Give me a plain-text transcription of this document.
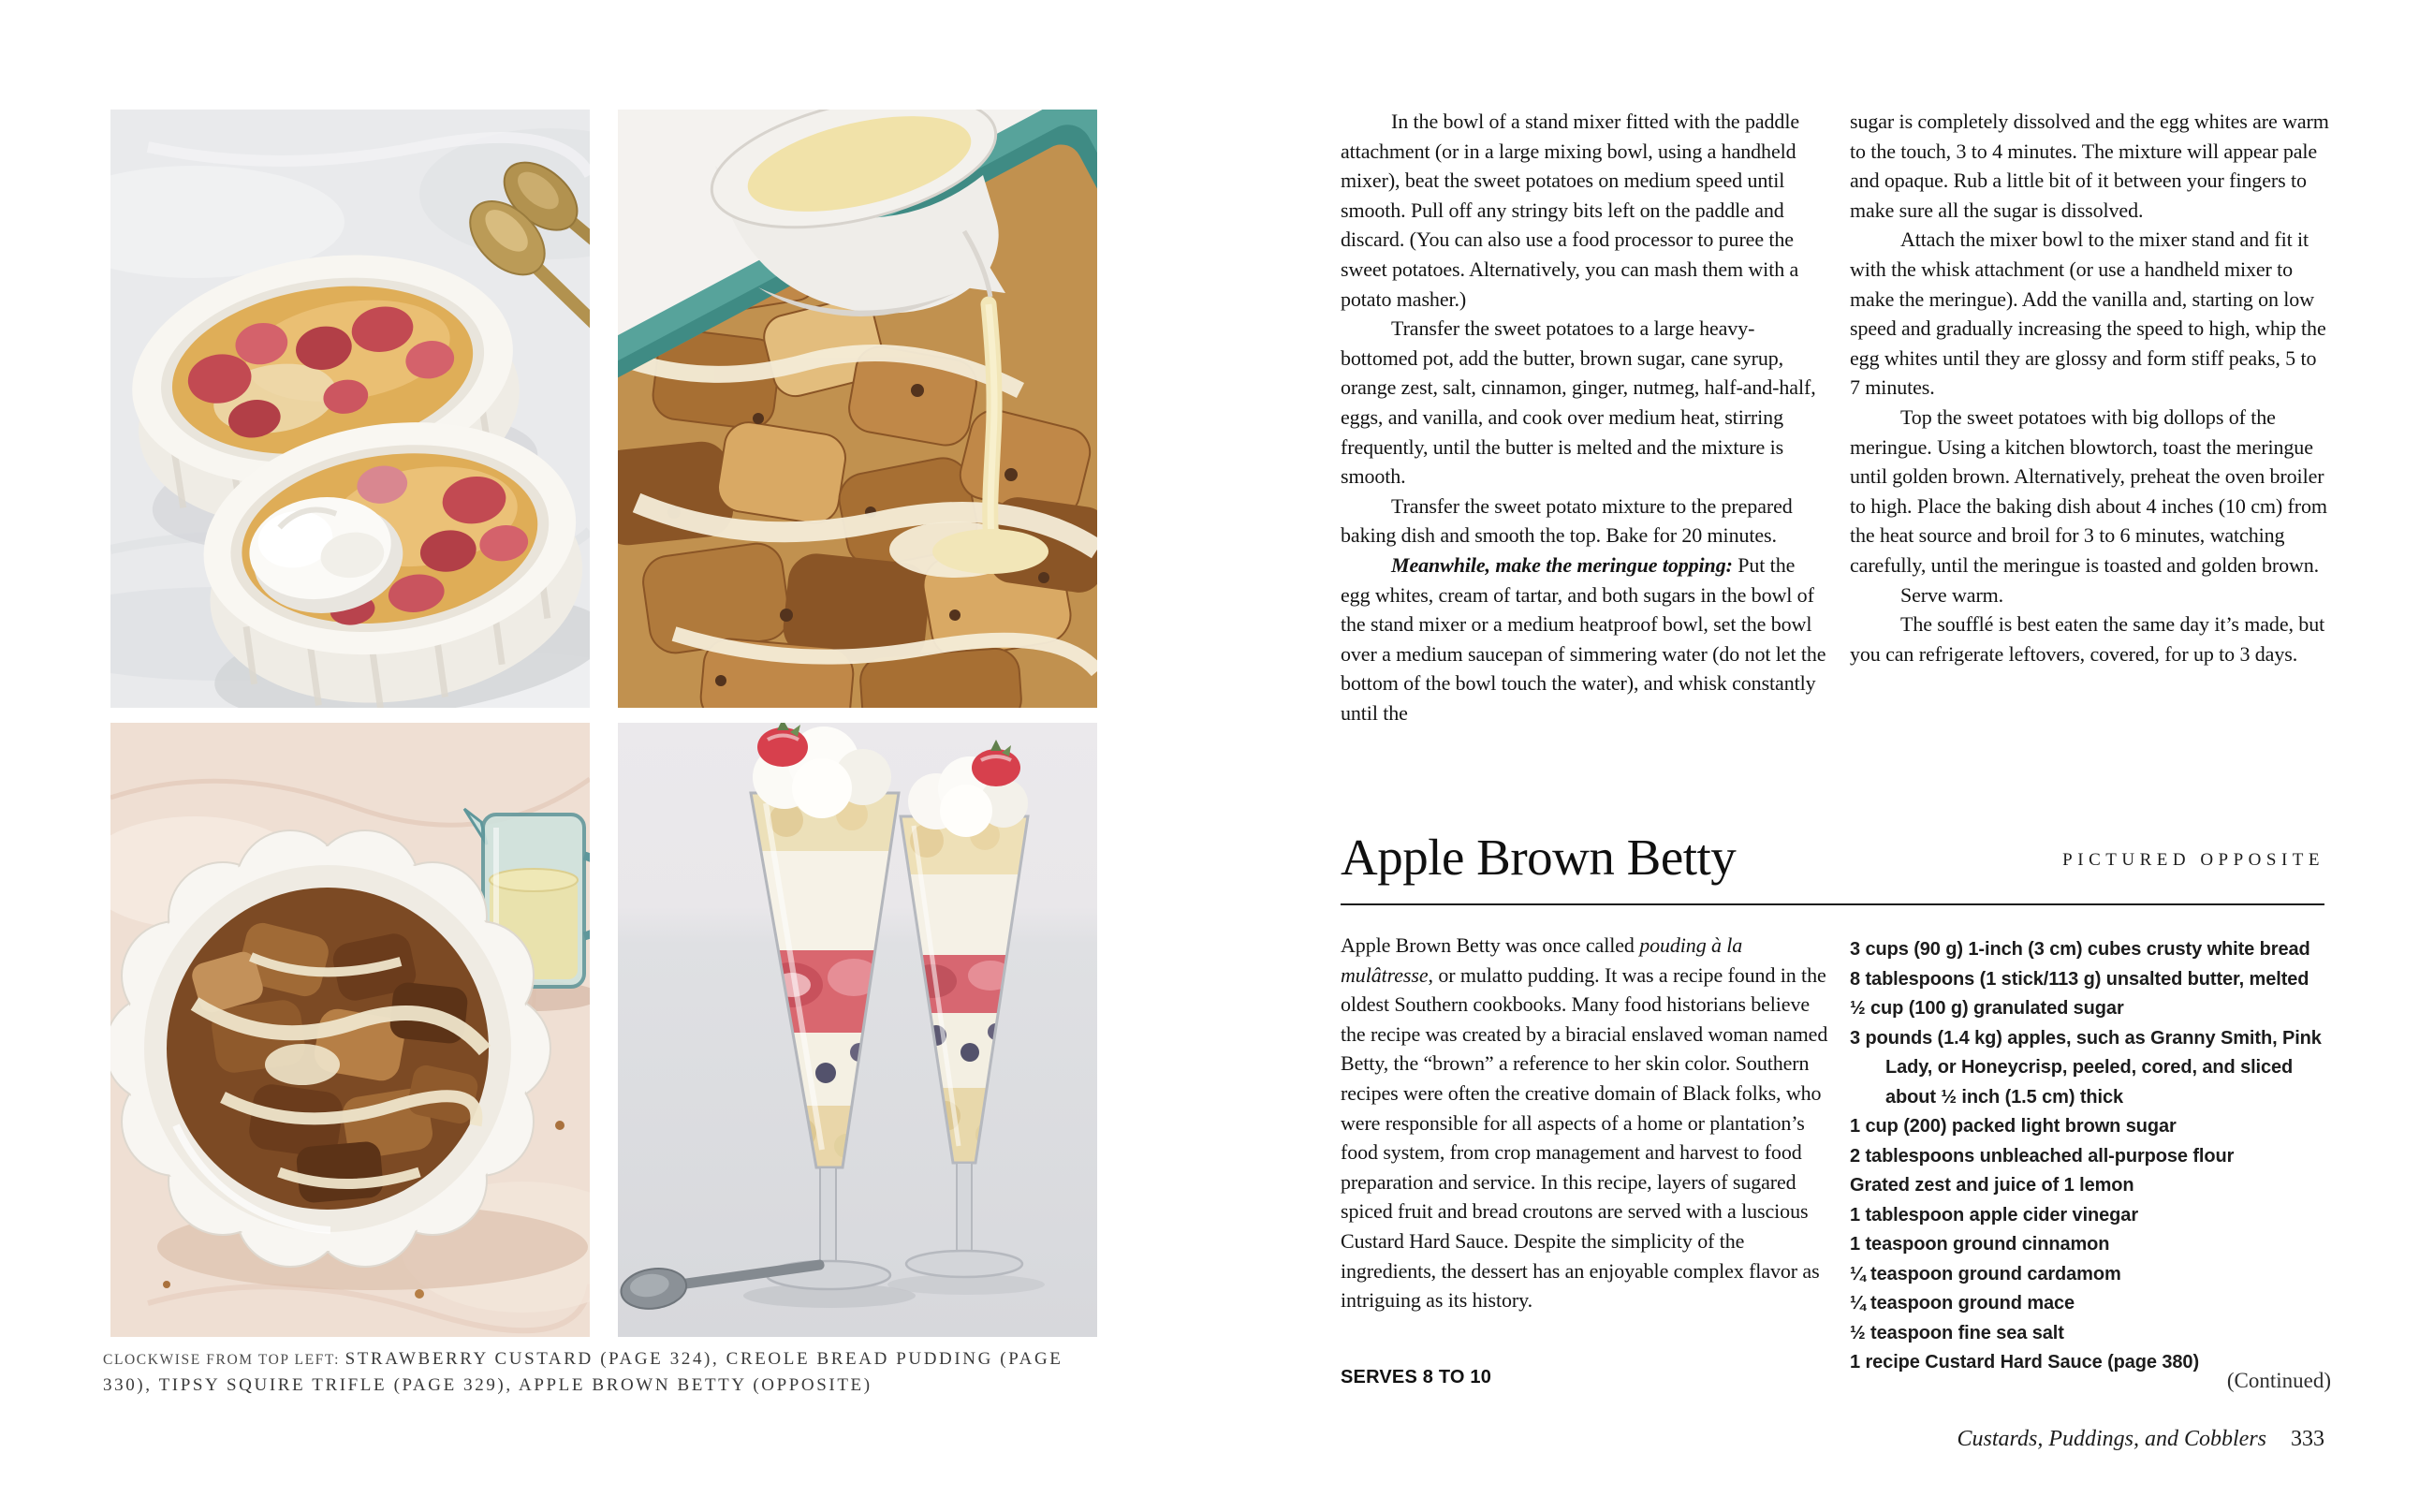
CLOCKWISE FROM TOP LEFT: STRAWBERRY CUSTARD (PAGE 324), CREOLE BREAD PUDDING (PAGE 330), TIPSY SQUIRE TRIFLE (PAGE 329), APPLE BROWN BETTY (OPPOSITE)

In the bowl of a stand mixer fitted with the paddle attachment (or in a large mixing bowl, using a handheld mixer), beat the sweet potatoes on medium speed until smooth. Pull off any stringy bits left on the paddle and discard. (You can also use a food processor to puree the sweet potatoes. Alternatively, you can mash them with a potato masher.)

Transfer the sweet potatoes to a large heavy-bottomed pot, add the butter, brown sugar, cane syrup, orange zest, salt, cinnamon, ginger, nutmeg, half-and-half, eggs, and vanilla, and cook over medium heat, stirring frequently, until the butter is melted and the mixture is smooth.

Transfer the sweet potato mixture to the prepared baking dish and smooth the top. Bake for 20 minutes.

Meanwhile, make the meringue topping: Put the egg whites, cream of tartar, and both sugars in the bowl of the stand mixer or a medium heatproof bowl, set the bowl over a medium saucepan of simmering water (do not let the bottom of the bowl touch the water), and whisk constantly until the

sugar is completely dissolved and the egg whites are warm to the touch, 3 to 4 minutes. The mixture will appear pale and opaque. Rub a little bit of it between your fingers to make sure all the sugar is dissolved.

Attach the mixer bowl to the mixer stand and fit it with the whisk attachment (or use a handheld mixer to make the meringue). Add the vanilla and, starting on low speed and gradually increasing the speed to high, whip the egg whites until they are glossy and form stiff peaks, 5 to 7 minutes.

Top the sweet potatoes with big dollops of the meringue. Using a kitchen blowtorch, toast the meringue until golden brown. Alternatively, preheat the oven broiler to high. Place the baking dish about 4 inches (10 cm) from the heat source and broil for 3 to 6 minutes, watching carefully, until the meringue is toasted and golden brown.

Serve warm.

The soufflé is best eaten the same day it’s made, but you can refrigerate leftovers, covered, for up to 3 days.

Apple Brown Betty	PICTURED OPPOSITE

Apple Brown Betty was once called pouding à la mulâtresse, or mulatto pudding. It was a recipe found in the oldest Southern cookbooks. Many food historians believe the recipe was created by a biracial enslaved woman named Betty, the “brown” a reference to her skin color. Southern recipes were often the creative domain of Black folks, who were responsible for all aspects of a home or plantation’s food system, from crop management and harvest to food preparation and service. In this recipe, layers of sugared spiced fruit and bread croutons are served with a luscious Custard Hard Sauce. Despite the simplicity of the ingredients, the dessert has an enjoyable complex flavor as intriguing as its history.

SERVES 8 TO 10
3 cups (90 g) 1-inch (3 cm) cubes crusty white bread
8 tablespoons (1 stick/113 g) unsalted butter, melted
½ cup (100 g) granulated sugar
3 pounds (1.4 kg) apples, such as Granny Smith, Pink Lady, or Honeycrisp, peeled, cored, and sliced about ½ inch (1.5 cm) thick
1 cup (200) packed light brown sugar
2 tablespoons unbleached all-purpose flour
Grated zest and juice of 1 lemon
1 tablespoon apple cider vinegar
1 teaspoon ground cinnamon
¼ teaspoon ground cardamom
¼ teaspoon ground mace
½ teaspoon fine sea salt
1 recipe Custard Hard Sauce (page 380)
(Continued)
Custards, Puddings, and Cobblers 333
